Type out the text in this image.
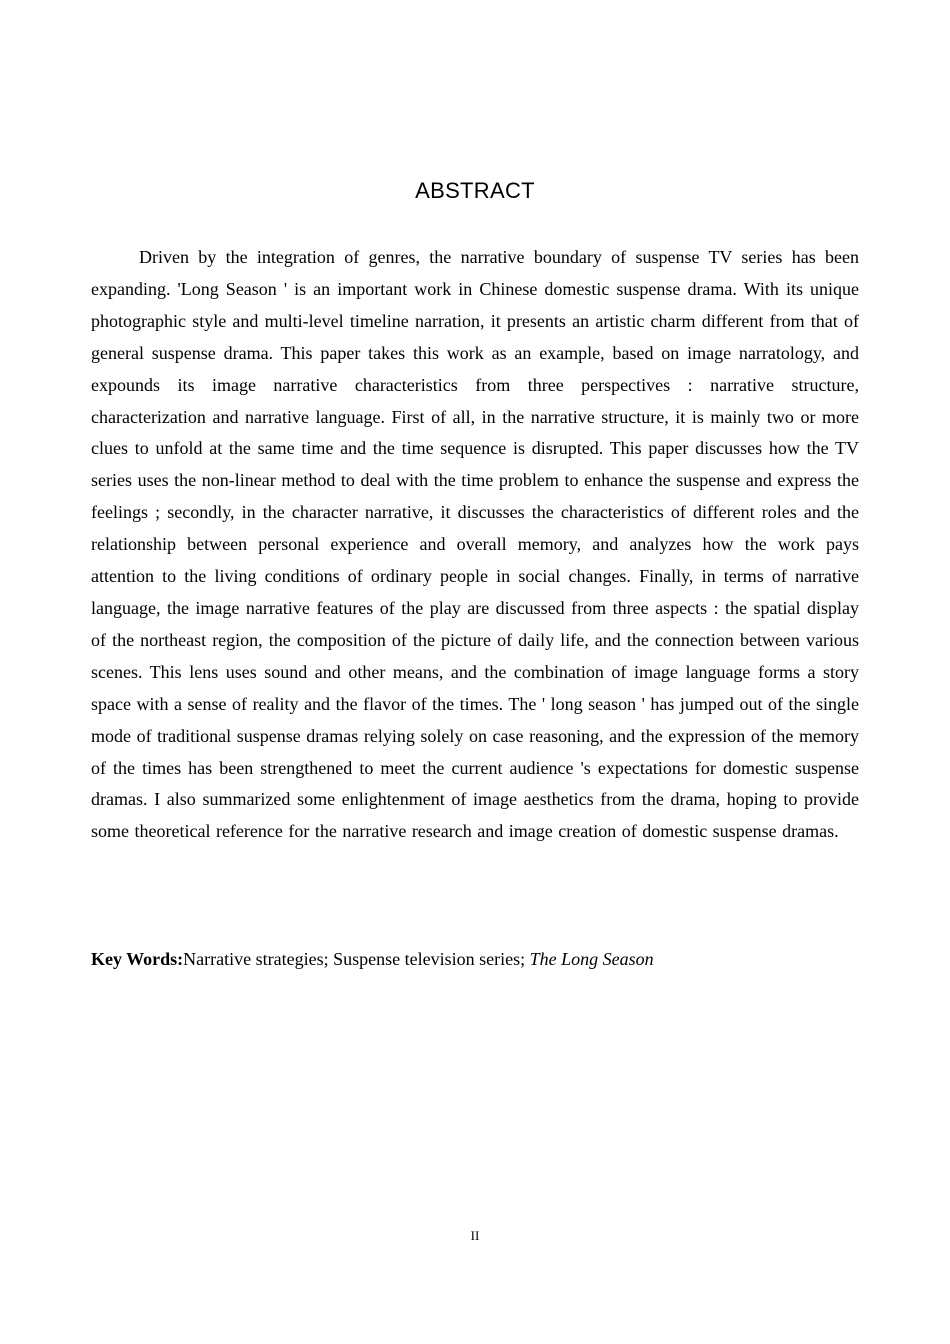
ABSTRACT

Driven by the integration of genres, the narrative boundary of suspense TV series has been expanding. 'Long Season ' is an important work in Chinese domestic suspense drama. With its unique photographic style and multi-level timeline narration, it presents an artistic charm different from that of general suspense drama. This paper takes this work as an example, based on image narratology, and expounds its image narrative characteristics from three perspectives : narrative structure, characterization and narrative language. First of all, in the narrative structure, it is mainly two or more clues to unfold at the same time and the time sequence is disrupted. This paper discusses how the TV series uses the non-linear method to deal with the time problem to enhance the suspense and express the feelings ; secondly, in the character narrative, it discusses the characteristics of different roles and the relationship between personal experience and overall memory, and analyzes how the work pays attention to the living conditions of ordinary people in social changes. Finally, in terms of narrative language, the image narrative features of the play are discussed from three aspects : the spatial display of the northeast region, the composition of the picture of daily life, and the connection between various scenes. This lens uses sound and other means, and the combination of image language forms a story space with a sense of reality and the flavor of the times. The ' long season ' has jumped out of the single mode of traditional suspense dramas relying solely on case reasoning, and the expression of the memory of the times has been strengthened to meet the current audience 's expectations for domestic suspense dramas. I also summarized some enlightenment of image aesthetics from the drama, hoping to provide some theoretical reference for the narrative research and image creation of domestic suspense dramas.

Key Words:Narrative strategies; Suspense television series; The Long Season

II
